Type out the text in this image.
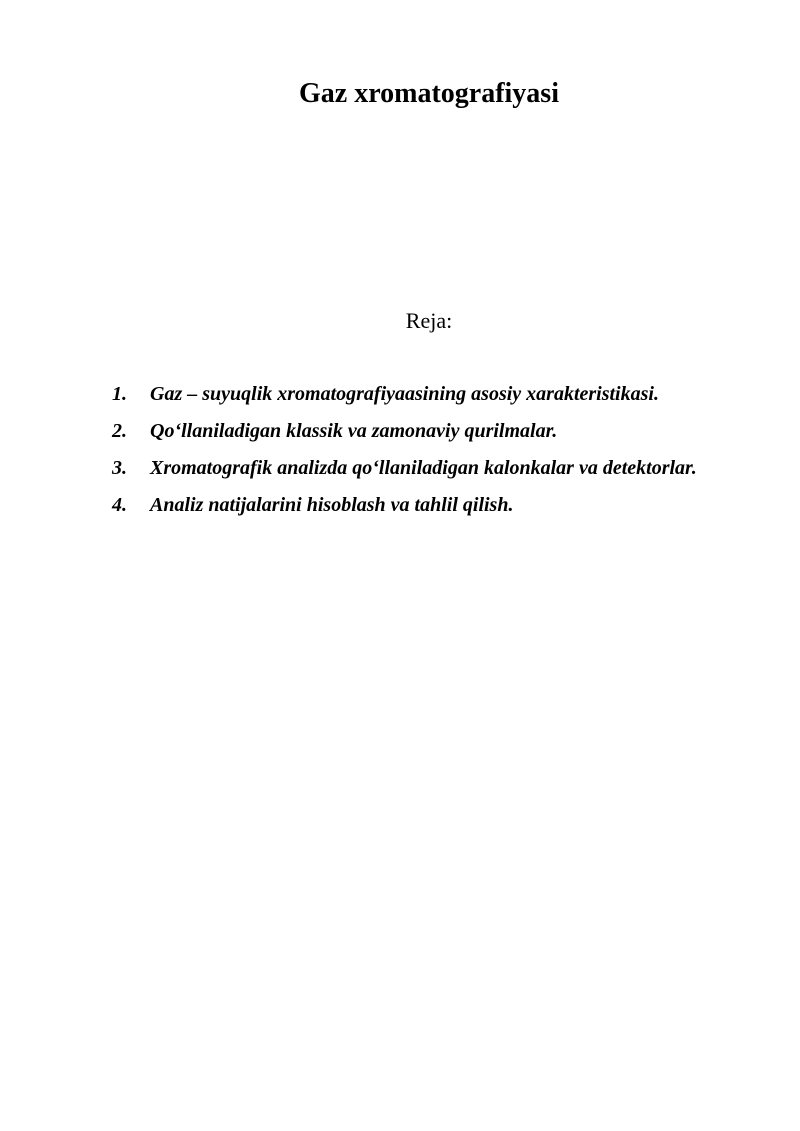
Gaz xromatografiyasi

Reja:

1.	Gaz – suyuqlik xromatografiyaasining asosiy xarakteristikasi.
2.	Qo‘llaniladigan klassik va zamonaviy qurilmalar.
3.	Xromatografik analizda qo‘llaniladigan kalonkalar va detektorlar.
4.	Analiz natijalarini hisoblash va tahlil qilish.
